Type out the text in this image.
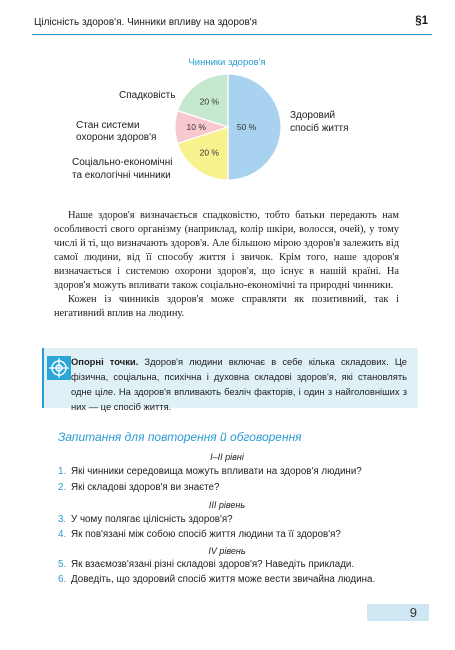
Цілісність здоров'я. Чинники впливу на здоров'я	§1
Чинники здоров'я
50 %
20 %
10 %
20 %
Спадковість
Стан системи охорони здоров'я
Соціально-економічні та екологічні чинники
Здоровий спосіб життя

Наше здоров'я визначається спадковістю, тобто батьки передають нам особливості свого організму (наприклад, колір шкіри, волосся, очей), у тому числі й ті, що визначають здоров'я. Але більшою мірою здоров'я залежить від самої людини, від її способу життя і звичок. Крім того, наше здоров'я визначається і системою охорони здоров'я, що існує в нашій країні. На здоров'я можуть впливати також соціально-економічні та природні чинники.

Кожен із чинників здоров'я може справляти як позитивний, так і негативний вплив на людину.

Опорні точки. Здоров'я людини включає в себе кілька складових. Це фізична, соціальна, психічна і духовна складові здоров'я, які становлять одне ціле. На здоров'я впливають безліч факторів, і один з найголовніших з них — це спосіб життя.
Запитання для повторення й обговорення
I–II рівні
1. Які чинники середовища можуть впливати на здоров'я людини?
2. Які складові здоров'я ви знаєте?
III рівень
3. У чому полягає цілісність здоров'я?
4. Як пов'язані між собою спосіб життя людини та її здоров'я?
IV рівень
5. Як взаємозв'язані різні складові здоров'я? Наведіть приклади.
6. Доведіть, що здоровий спосіб життя може вести звичайна людина.
9
